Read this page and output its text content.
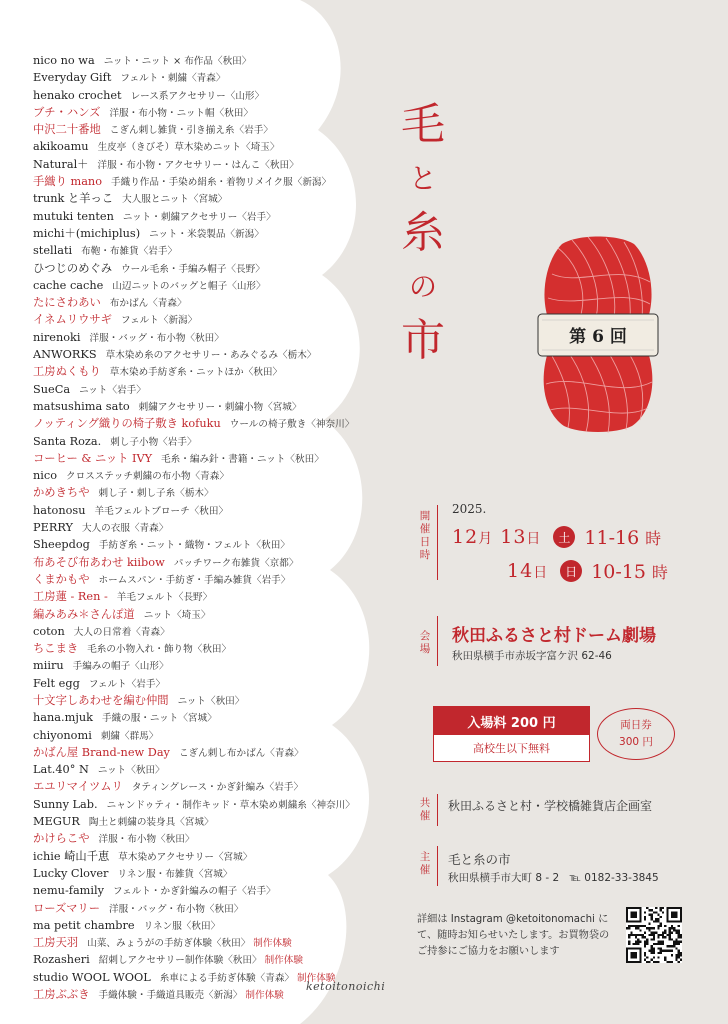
nico no wa ニット・ニット × 布作品〈秋田〉
Everyday Gift フェルト・刺繍〈青森〉
henako crochet レース系アクセサリー〈山形〉
ブチ・ハンズ 洋服・布小物・ニット帽〈秋田〉
中沢二十番地 こぎん刺し雑貨・引き揃え糸〈岩手〉
akikoamu 生皮亭（きびそ）草木染めニット〈埼玉〉
Natural＋ 洋服・布小物・アクセサリー・はんこ〈秋田〉
手織り mano 手織り作品・手染め絹糸・着物リメイク服〈新潟〉
trunk と羊っこ 大人服とニット〈宮城〉
mutuki tenten ニット・刺繍アクセサリー〈岩手〉
michi＋(michiplus) ニット・米袋製品〈新潟〉
stellati 布鞄・布雑貨〈岩手〉
ひつじのめぐみ ウール毛糸・手編み帽子〈長野〉
cache cache 山辺ニットのバッグと帽子〈山形〉
たにさわあい 布かばん〈青森〉
イネムリウサギ フェルト〈新潟〉
nirenoki 洋服・バッグ・布小物〈秋田〉
ANWORKS 草木染め糸のアクセサリー・あみぐるみ〈栃木〉
工房ぬくもり 草木染め手紡ぎ糸・ニットほか〈秋田〉
SueCa ニット〈岩手〉
matsushima sato 刺繍アクセサリー・刺繍小物〈宮城〉
ノッティング織りの椅子敷き kofuku ウールの椅子敷き〈神奈川〉
Santa Roza. 刺し子小物〈岩手〉
コーヒー & ニット IVY 毛糸・編み針・書籍・ニット〈秋田〉
nico クロスステッチ刺繍の布小物〈青森〉
かめきちや 刺し子・刺し子糸〈栃木〉
hatonosu 羊毛フェルトブローチ〈秋田〉
PERRY 大人の衣服〈青森〉
Sheepdog 手紡ぎ糸・ニット・織物・フェルト〈秋田〉
布あそび布あわせ kiibow パッチワーク布雑貨〈京都〉
くまかもや ホームスパン・手紡ぎ・手編み雑貨〈岩手〉
工房蓮 - Ren - 羊毛フェルト〈長野〉
編みあみ＊さんぽ道 ニット〈埼玉〉
coton 大人の日常着〈青森〉
ちこまき 毛糸の小物入れ・飾り物〈秋田〉
miiru 手編みの帽子〈山形〉
Felt egg フェルト〈岩手〉
十文字しあわせを編む仲間 ニット〈秋田〉
hana.mjuk 手織の服・ニット〈宮城〉
chiyonomi 刺繍〈群馬〉
かばん屋 Brand-new Day こぎん刺し布かばん〈青森〉
Lat.40° N ニット〈秋田〉
エユリマイツムリ タティングレース・かぎ針編み〈岩手〉
Sunny Lab. ニャンドゥティ・制作キッド・草木染め刺繍糸〈神奈川〉
MEGUR 陶土と刺繍の装身具〈宮城〉
かけらこや 洋服・布小物〈秋田〉
ichie 崎山千恵 草木染めアクセサリー〈宮城〉
Lucky Clover リネン服・布雑貨〈宮城〉
nemu-family フェルト・かぎ針編みの帽子〈岩手〉
ローズマリー 洋服・バッグ・布小物〈秋田〉
ma petit chambre リネン服〈秋田〉
工房天羽 山菜、みょうがの手紡ぎ体験〈秋田〉 制作体験
Rozasheri 紹刺しアクセサリー制作体験〈秋田〉 制作体験
studio WOOL WOOL 糸車による手紡ぎ体験〈青森〉 制作体験
工房ぶぶき 手織体験・手織道具販売〈新潟〉 制作体験
ketoitonoichi
毛
と
糸
の
市	第 6 回
開催日時
2025.
12月 13日	土 11-16 時
14日	日 10-15 時
会場
秋田ふるさと村ドーム劇場
秋田県横手市赤坂字富ケ沢 62-46
入場料 200 円
高校生以下無料
両日券
300 円
共催
秋田ふるさと村・学校橋雑貨店企画室
主催
毛と糸の市
秋田県横手市大町 8 - 2　℡ 0182-33-3845
詳細は Instagram @ketoitonomachi にて、随時お知らせいたします。お買物袋のご持参にご協力をお願いします
